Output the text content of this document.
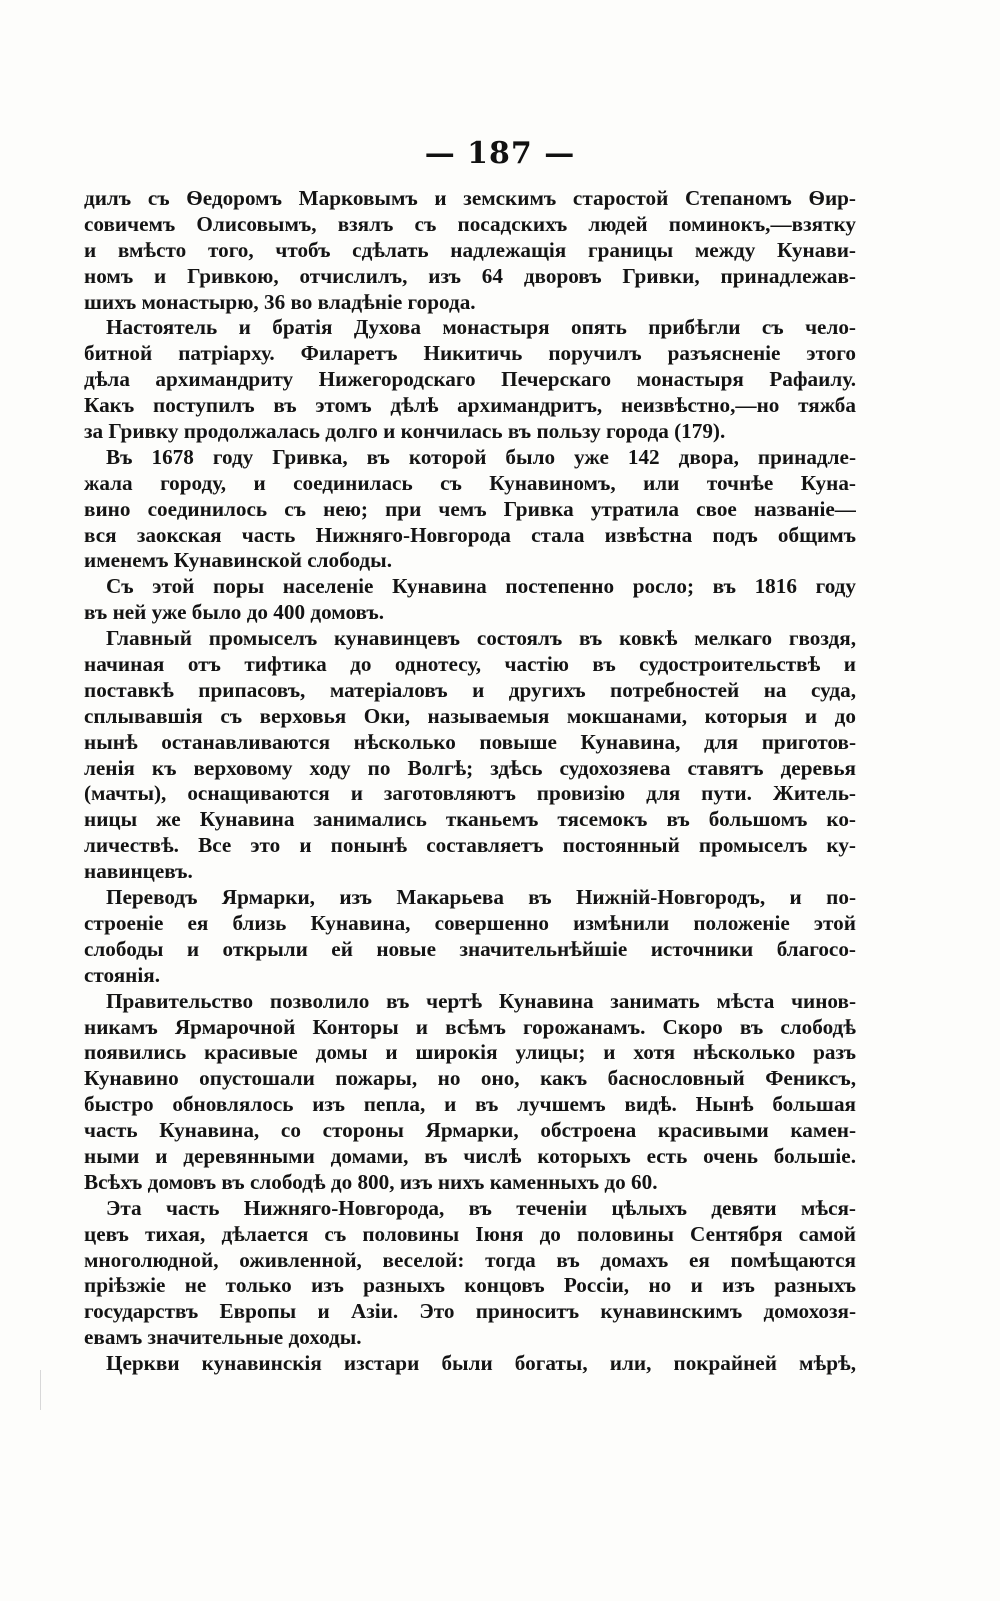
— 187 —
дилъ съ Ѳедоромъ Марковымъ и земскимъ старостой Степаномъ Ѳир-
совичемъ Олисовымъ, взялъ съ посадскихъ людей поминокъ,—взятку
и вмѣсто того, чтобъ сдѣлать надлежащія границы между Кунави-
номъ и Гривкою, отчислилъ, изъ 64 дворовъ Гривки, принадлежав-
шихъ монастырю, 36 во владѣніе города.
Настоятель и братія Духова монастыря опять прибѣгли съ чело-
битной патріарху. Филаретъ Никитичь поручилъ разъясненіе этого
дѣла архимандриту Нижегородскаго Печерскаго монастыря Рафаилу.
Какъ поступилъ въ этомъ дѣлѣ архимандритъ, неизвѣстно,—но тяжба
за Гривку продолжалась долго и кончилась въ пользу города (179).
Въ 1678 году Гривка, въ которой было уже 142 двора, принадле-
жала городу, и соединилась съ Кунавиномъ, или точнѣе Куна-
вино соединилось съ нею; при чемъ Гривка утратила свое названіе—
вся заокская часть Нижняго-Новгорода стала извѣстна подъ общимъ
именемъ Кунавинской слободы.
Съ этой поры населеніе Кунавина постепенно росло; въ 1816 году
въ ней уже было до 400 домовъ.
Главный промыселъ кунавинцевъ состоялъ въ ковкѣ мелкаго гвоздя,
начиная отъ тифтика до однотесу, частію въ судостроительствѣ и
поставкѣ припасовъ, матеріаловъ и другихъ потребностей на суда,
сплывавшія съ верховья Оки, называемыя мокшанами, которыя и до
нынѣ останавливаются нѣсколько повыше Кунавина, для приготов-
ленія къ верховому ходу по Волгѣ; здѣсь судохозяева ставятъ деревья
(мачты), оснащиваются и заготовляютъ провизію для пути. Житель-
ницы же Кунавина занимались тканьемъ тясемокъ въ большомъ ко-
личествѣ. Все это и понынѣ составляетъ постоянный промыселъ ку-
навинцевъ.
Переводъ Ярмарки, изъ Макарьева въ Нижній-Новгородъ, и по-
строеніе ея близь Кунавина, совершенно измѣнили положеніе этой
слободы и открыли ей новые значительнѣйшіе источники благосо-
стоянія.
Правительство позволило въ чертѣ Кунавина занимать мѣста чинов-
никамъ Ярмарочной Конторы и всѣмъ горожанамъ. Скоро въ слободѣ
появились красивые домы и широкія улицы; и хотя нѣсколько разъ
Кунавино опустошали пожары, но оно, какъ баснословный Фениксъ,
быстро обновлялось изъ пепла, и въ лучшемъ видѣ. Нынѣ большая
часть Кунавина, со стороны Ярмарки, обстроена красивыми камен-
ными и деревянными домами, въ числѣ которыхъ есть очень большіе.
Всѣхъ домовъ въ слободѣ до 800, изъ нихъ каменныхъ до 60.
Эта часть Нижняго-Новгорода, въ теченіи цѣлыхъ девяти мѣся-
цевъ тихая, дѣлается съ половины Іюня до половины Сентября самой
многолюдной, оживленной, веселой: тогда въ домахъ ея помѣщаются
пріѣзжіе не только изъ разныхъ концовъ Россіи, но и изъ разныхъ
государствъ Европы и Азіи. Это приноситъ кунавинскимъ домохозя-
евамъ значительные доходы.
Церкви кунавинскія изстари были богаты, или, покрайней мѣрѣ,
